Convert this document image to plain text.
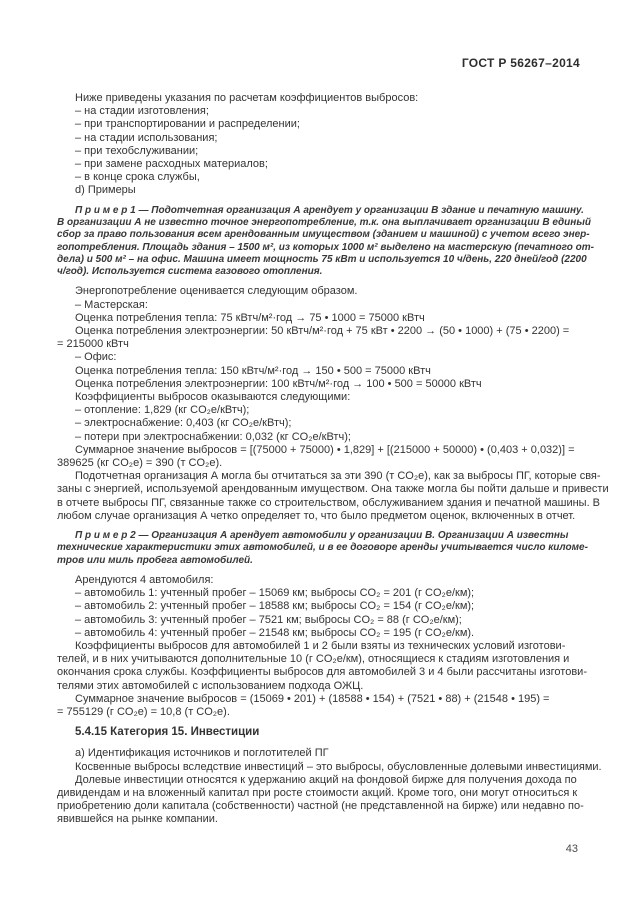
ГОСТ Р 56267–2014
Ниже приведены указания по расчетам коэффициентов выбросов:
– на стадии изготовления;
– при транспортировании и распределении;
– на стадии использования;
– при техобслуживании;
– при замене расходных материалов;
– в конце срока службы,
d) Примеры
П р и м е р 1 — Подотчетная организация А арендует у организации В здание и печатную машину.
В организации А не известно точное энергопотребление, т.к. она выплачивает организации В единый
сбор за право пользования всем арендованным имуществом (зданием и машиной) с учетом всего энер-
гопотребления. Площадь здания – 1500 м², из которых 1000 м² выделено на мастерскую (печатного от-
дела) и 500 м² – на офис. Машина имеет мощность 75 кВт и используется 10 ч/день, 220 дней/год (2200
ч/год). Используется система газового отопления.
Энергопотребление оценивается следующим образом.
– Мастерская:
Оценка потребления тепла: 75 кВтч/м²·год → 75 • 1000 = 75000 кВтч
Оценка потребления электроэнергии: 50 кВтч/м²·год + 75 кВт • 2200 → (50 • 1000) + (75 • 2200) =
= 215000 кВтч
– Офис:
Оценка потребления тепла: 150 кВтч/м²·год → 150 • 500 = 75000 кВтч
Оценка потребления электроэнергии: 100 кВтч/м²·год → 100 • 500 = 50000 кВтч
Коэффициенты выбросов оказываются следующими:
– отопление: 1,829 (кг CO₂е/кВтч);
– электроснабжение: 0,403 (кг CO₂е/кВтч);
– потери при электроснабжении: 0,032 (кг CO₂е/кВтч);
Суммарное значение выбросов = [(75000 + 75000) • 1,829] + [(215000 + 50000) • (0,403 + 0,032)] =
389625 (кг CO₂е) = 390 (т CO₂е).
Подотчетная организация А могла бы отчитаться за эти 390 (т CO₂е), как за выбросы ПГ, которые свя-
заны с энергией, используемой арендованным имуществом. Она также могла бы пойти дальше и привести
в отчете выбросы ПГ, связанные также со строительством, обслуживанием здания и печатной машины. В
любом случае организация А четко определяет то, что было предметом оценок, включенных в отчет.
П р и м е р 2 — Организация А арендует автомобили у организации В. Организации А известны
технические характеристики этих автомобилей, и в ее договоре аренды учитывается число киломе-
тров или миль пробега автомобилей.
Арендуются 4 автомобиля:
– автомобиль 1: учтенный пробег – 15069 км; выбросы CO₂ = 201 (г CO₂е/км);
– автомобиль 2: учтенный пробег – 18588 км; выбросы CO₂ = 154 (г CO₂е/км);
– автомобиль 3: учтенный пробег – 7521 км; выбросы CO₂ = 88 (г CO₂е/км);
– автомобиль 4: учтенный пробег – 21548 км; выбросы CO₂ = 195 (г CO₂е/км).
Коэффициенты выбросов для автомобилей 1 и 2 были взяты из технических условий изготови-
телей, и в них учитываются дополнительные 10 (г CO₂е/км), относящиеся к стадиям изготовления и
окончания срока службы. Коэффициенты выбросов для автомобилей 3 и 4 были рассчитаны изготови-
телями этих автомобилей с использованием подхода ОЖЦ.
Суммарное значение выбросов = (15069 • 201) + (18588 • 154) + (7521 • 88) + (21548 • 195) =
= 755129 (г CO₂е) = 10,8 (т CO₂е).
5.4.15 Категория 15. Инвестиции
а) Идентификация источников и поглотителей ПГ
Косвенные выбросы вследствие инвестиций – это выбросы, обусловленные долевыми инвестициями.
Долевые инвестиции относятся к удержанию акций на фондовой бирже для получения дохода по
дивидендам и на вложенный капитал при росте стоимости акций. Кроме того, они могут относиться к
приобретению доли капитала (собственности) частной (не представленной на бирже) или недавно по-
явившейся на рынке компании.
43
